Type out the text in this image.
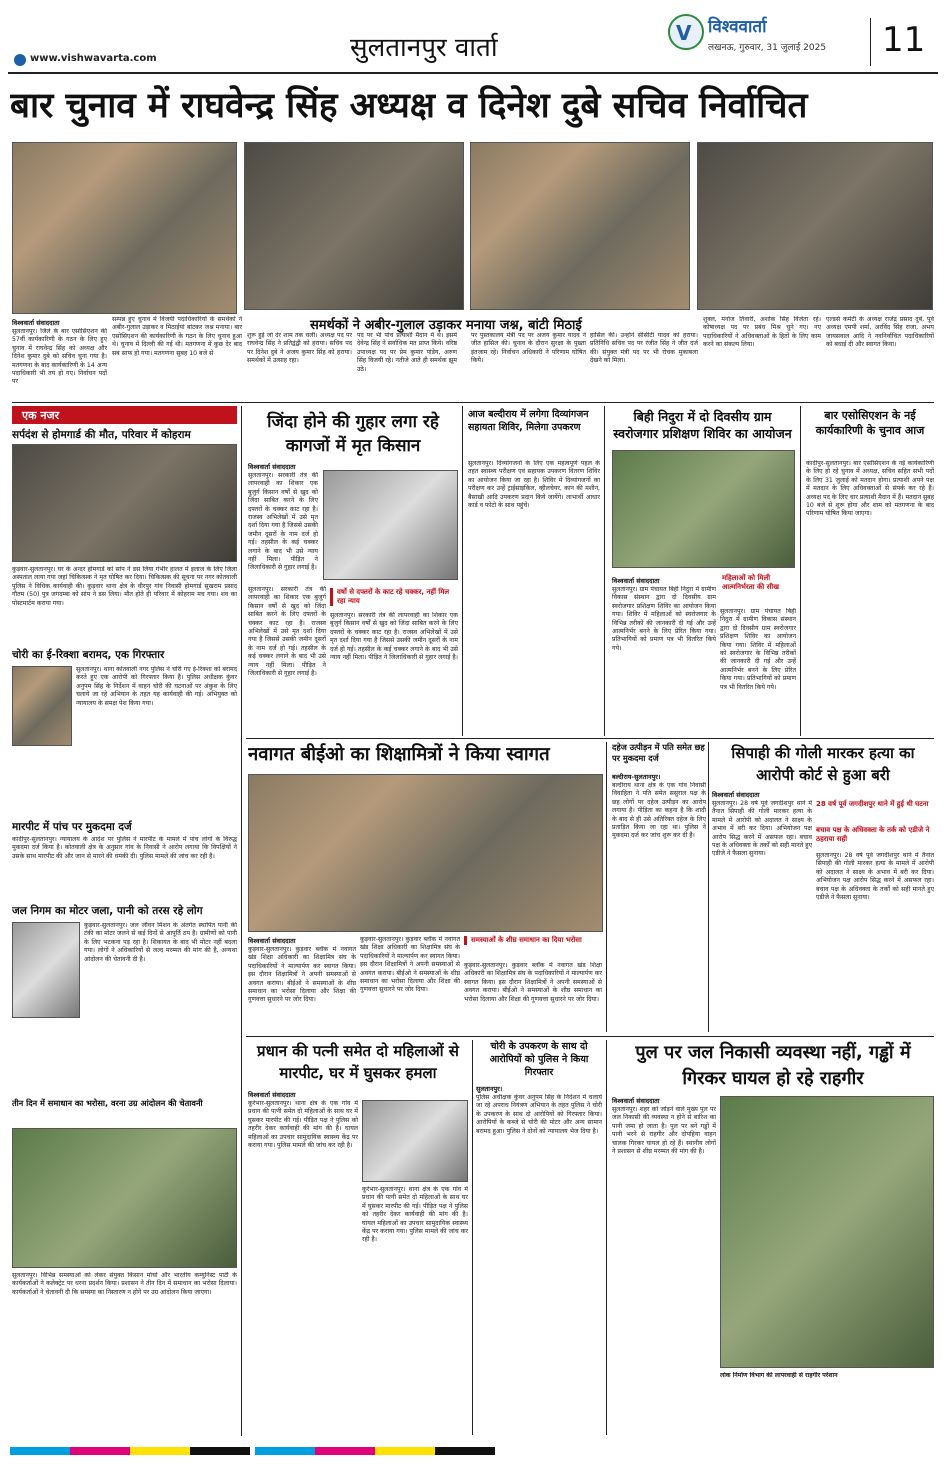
www.vishwavarta.com	सुलतानपुर वार्ता	V विश्ववार्ता
लखनऊ, गुरुवार, 31 जुलाई 2025 11
बार चुनाव में राघवेन्द्र सिंह अध्यक्ष व दिनेश दुबे सचिव निर्वाचित
समर्थकों ने अबीर-गुलाल उड़ाकर मनाया जश्न, बांटी मिठाई
विश्ववार्ता संवाददाता
सुलतानपुर। जिले के बार एसोसिएशन की 57वीं कार्यकारिणी के गठन के लिए हुए चुनाव में राघवेन्द्र सिंह को अध्यक्ष और दिनेश कुमार दुबे को सचिव चुना गया है। मतगणना के बाद कार्यकारिणी के 14 अन्य पदाधिकारी भी तय हो गए। निर्वाचन पदों पर
सम्पन्न हुए चुनाव में विजयी पदाधिकारियों के समर्थकों ने अबीर-गुलाल उड़ाकर व मिठाईयां बांटकर जश्न मनाया। बार एसोसिएशन की कार्यकारिणी के गठन के लिए चुनाव हुआ थे। चुनाव में दिल्ली की गई थी। मतगणना में कुछ देर बाद सब साफ हो गया। मतगणना सुबह 10 बजे से
शुरू हुई जो देर शाम तक चली। अध्यक्ष पद पर राघवेन्द्र सिंह ने प्रतिद्वंद्वी को हराया। सचिव पद पर दिनेश दुबे ने अजय कुमार सिंह को हराया। समर्थकों में उत्साह रहा।
पद पर भी पांच प्रत्याशी मैदान में थे। इसमें देवेन्द्र सिंह ने सर्वाधिक मत प्राप्त किये। वरिष्ठ उपाध्यक्ष पद पर प्रेम कुमार पांडेय, अरुण सिंह विजयी रहे। नतीजे आते ही समर्थक झूम उठे।
पर पुस्तकालय मंत्री पद पर अजय कुमार यादव ने जीत हासिल की। चुनाव के दौरान सुरक्षा के पुख्ता इंतजाम रहे। निर्वाचन अधिकारी ने परिणाम घोषित किये।
हासिल की। उन्होंने सीसीटी यादव को हराया। प्रतिनिधि सचिव पद पर रंजीत सिंह ने जीत दर्ज की। संयुक्त मंत्री पद पर भी रोचक मुकाबला देखने को मिला।
शुक्ल, मनोज तिवारी, अशोक सिंह विजेता रहे। कोषाध्यक्ष पद पर प्रबंध मिश्र चुने गए। नए पदाधिकारियों ने अधिवक्ताओं के हितों के लिए काम करने का संकल्प लिया।
एल्डर्स कमेटी के अध्यक्ष राजेंद्र प्रसाद दुबे, पूर्व अध्यक्ष एमपी शर्मा, अरविंद सिंह राजा, अभय जायसवाल आदि ने नवनिर्वाचित पदाधिकारियों को बधाई दी और स्वागत किया।
एक नजर
सर्पदंश से होमगार्ड की मौत, परिवार में कोहराम
कुड़वार-सुलतानपुर। घर के अन्दर होमगार्ड को सांप ने डस लिया गंभीर हालत में इलाज के लिए जिला अस्पताल लाया गया जहां चिकित्सक ने मृत घोषित कर दिया। चिकित्सक की सूचना पर नगर कोतवाली पुलिस ने विधिक कार्यवाही की। कुड़वार थाना क्षेत्र के वीरपुर गांव निवासी होमगार्ड सुखराम प्रसाद गौतम (50) पुत्र जगदम्बा को सांप ने डस लिया। मौत होते ही परिवार में कोहराम मच गया। शव का पोस्टमार्टम कराया गया।
चोरी का ई-रिक्शा बरामद, एक गिरफ्तार
सुलतानपुर। थाना कोतवाली नगर पुलिस ने चोरी गए ई-रिक्शा को बरामद करते हुए एक आरोपी को गिरफ्तार किया है। पुलिस अधीक्षक कुंवर अनुपम सिंह के निर्देशन में वाहन चोरी की घटनाओं पर अंकुश के लिए चलाये जा रहे अभियान के तहत यह कार्यवाही की गई। अभियुक्त को न्यायालय के समक्ष पेश किया गया।
मारपीट में पांच पर मुकदमा दर्ज
कादीपुर-सुलतानपुर। न्यायालय के आदेश पर पुलिस ने मारपीट के मामले में पांच लोगों के विरुद्ध मुकदमा दर्ज किया है। कोतवाली क्षेत्र के अनुसार गांव के निवासी ने आरोप लगाया कि विपक्षियों ने उसके साथ मारपीट की और जान से मारने की धमकी दी। पुलिस मामले की जांच कर रही है।
जल निगम का मोटर जला, पानी को तरस रहे लोग
कुड़वार-सुलतानपुर। जल जीवन मिशन के अंतर्गत स्थापित पानी की टंकी का मोटर जलने से कई दिनों से आपूर्ति ठप है। ग्रामीणों को पानी के लिए भटकना पड़ रहा है। शिकायत के बाद भी मोटर नहीं बदला गया। लोगों ने अधिकारियों से जल्द मरम्मत की मांग की है, अन्यथा आंदोलन की चेतावनी दी है।
तीन दिन में समाधान का भरोसा, वरना उग्र आंदोलन की चेतावनी
सुलतानपुर। विभिन्न समस्याओं को लेकर संयुक्त किसान मोर्चा और भारतीय कम्युनिस्ट पार्टी के कार्यकर्ताओं ने कलेक्ट्रेट पर धरना प्रदर्शन किया। प्रशासन ने तीन दिन में समाधान का भरोसा दिलाया। कार्यकर्ताओं ने चेतावनी दी कि समस्या का निस्तारण न होने पर उग्र आंदोलन किया जाएगा।
जिंदा होने की गुहार लगा रहे कागजों में मृत किसान
विश्ववार्ता संवाददाता
सुलतानपुर। सरकारी तंत्र की लापरवाही का शिकार एक बुजुर्ग किसान वर्षों से खुद को जिंदा साबित करने के लिए दफ्तरों के चक्कर काट रहा है। राजस्व अभिलेखों में उसे मृत दर्शा दिया गया है जिससे उसकी जमीन दूसरों के नाम दर्ज हो गई। तहसील के कई चक्कर लगाने के बाद भी उसे न्याय नहीं मिला। पीड़ित ने जिलाधिकारी से गुहार लगाई है।
वर्षो से दफ्तरों के काट रहे चक्कर, नहीं मिल रहा न्याय
सुलतानपुर। सरकारी तंत्र की लापरवाही का शिकार एक बुजुर्ग किसान वर्षों से खुद को जिंदा साबित करने के लिए दफ्तरों के चक्कर काट रहा है। राजस्व अभिलेखों में उसे मृत दर्शा दिया गया है जिससे उसकी जमीन दूसरों के नाम दर्ज हो गई। तहसील के कई चक्कर लगाने के बाद भी उसे न्याय नहीं मिला। पीड़ित ने जिलाधिकारी से गुहार लगाई है।
सुलतानपुर। सरकारी तंत्र की लापरवाही का शिकार एक बुजुर्ग किसान वर्षों से खुद को जिंदा साबित करने के लिए दफ्तरों के चक्कर काट रहा है। राजस्व अभिलेखों में उसे मृत दर्शा दिया गया है जिससे उसकी जमीन दूसरों के नाम दर्ज हो गई। तहसील के कई चक्कर लगाने के बाद भी उसे न्याय नहीं मिला। पीड़ित ने जिलाधिकारी से गुहार लगाई है।
आज बल्दीराय में लगेगा दिव्यांगजन सहायता शिविर, मिलेगा उपकरण
सुलतानपुर। दिव्यांगजनों के लिए एक महत्वपूर्ण पहल के तहत स्वास्थ्य परीक्षण एवं सहायक उपकरण वितरण शिविर का आयोजन किया जा रहा है। शिविर में दिव्यांगजनों का परीक्षण कर उन्हें ट्राईसाइकिल, व्हीलचेयर, कान की मशीन, बैसाखी आदि उपकरण प्रदान किये जायेंगे। लाभार्थी आधार कार्ड व फोटो के साथ पहुंचें।
बिही निदुरा में दो दिवसीय ग्राम स्वरोजगार प्रशिक्षण शिविर का आयोजन
विश्ववार्ता संवाददाता	महिलाओं को मिली आत्मनिर्भरता की सीख
सुलतानपुर। ग्राम पंचायत बिही निदुरा में ग्रामीण विकास संस्थान द्वारा दो दिवसीय ग्राम स्वरोजगार प्रशिक्षण शिविर का आयोजन किया गया। शिविर में महिलाओं को स्वरोजगार के विभिन्न तरीकों की जानकारी दी गई और उन्हें आत्मनिर्भर बनने के लिए प्रेरित किया गया। प्रतिभागियों को प्रमाण पत्र भी वितरित किये गये।
सुलतानपुर। ग्राम पंचायत बिही निदुरा में ग्रामीण विकास संस्थान द्वारा दो दिवसीय ग्राम स्वरोजगार प्रशिक्षण शिविर का आयोजन किया गया। शिविर में महिलाओं को स्वरोजगार के विभिन्न तरीकों की जानकारी दी गई और उन्हें आत्मनिर्भर बनने के लिए प्रेरित किया गया। प्रतिभागियों को प्रमाण पत्र भी वितरित किये गये।
बार एसोसिएशन के नई कार्यकारिणी के चुनाव आज
कादीपुर-सुलतानपुर। बार एसोसिएशन के नई कार्यकारिणी के लिए हो रहे चुनाव में अध्यक्ष, सचिव सहित सभी पदों के लिए 31 जुलाई को मतदान होगा। प्रत्याशी अपने पक्ष में मतदान के लिए अधिवक्ताओं से संपर्क कर रहे हैं। अध्यक्ष पद के लिए चार प्रत्याशी मैदान में हैं। मतदान सुबह 10 बजे से शुरू होगा और शाम को मतगणना के बाद परिणाम घोषित किया जाएगा।
नवागत बीईओ का शिक्षामित्रों ने किया स्वागत
विश्ववार्ता संवाददाता
कुड़वार-सुलतानपुर। कुड़वार ब्लॉक में नवागत खंड शिक्षा अधिकारी का शिक्षामित्र संघ के पदाधिकारियों ने माल्यार्पण कर स्वागत किया। इस दौरान शिक्षामित्रों ने अपनी समस्याओं से अवगत कराया। बीईओ ने समस्याओं के शीघ्र समाधान का भरोसा दिलाया और शिक्षा की गुणवत्ता सुधारने पर जोर दिया।
कुड़वार-सुलतानपुर। कुड़वार ब्लॉक में नवागत खंड शिक्षा अधिकारी का शिक्षामित्र संघ के पदाधिकारियों ने माल्यार्पण कर स्वागत किया। इस दौरान शिक्षामित्रों ने अपनी समस्याओं से अवगत कराया। बीईओ ने समस्याओं के शीघ्र समाधान का भरोसा दिलाया और शिक्षा की गुणवत्ता सुधारने पर जोर दिया।
समस्याओं के शीघ्र समाधान का दिया भरोसा
कुड़वार-सुलतानपुर। कुड़वार ब्लॉक में नवागत खंड शिक्षा अधिकारी का शिक्षामित्र संघ के पदाधिकारियों ने माल्यार्पण कर स्वागत किया। इस दौरान शिक्षामित्रों ने अपनी समस्याओं से अवगत कराया। बीईओ ने समस्याओं के शीघ्र समाधान का भरोसा दिलाया और शिक्षा की गुणवत्ता सुधारने पर जोर दिया।
दहेज उत्पीड़न में पति समेत छह पर मुकदमा दर्ज
बल्दीराय-सुलतानपुर।
बल्दीराय थाना क्षेत्र के एक गांव निवासी विवाहिता ने पति समेत ससुराल पक्ष के छह लोगों पर दहेज उत्पीड़न का आरोप लगाया है। पीड़िता का कहना है कि शादी के बाद से ही उसे अतिरिक्त दहेज के लिए प्रताड़ित किया जा रहा था। पुलिस ने मुकदमा दर्ज कर जांच शुरू कर दी है।
सिपाही की गोली मारकर हत्या का आरोपी कोर्ट से हुआ बरी
विश्ववार्ता संवाददाता
सुलतानपुर। 28 वर्ष पूर्व जगदीशपुर थाने में तैनात सिपाही की गोली मारकर हत्या के मामले में आरोपी को अदालत ने साक्ष्य के अभाव में बरी कर दिया। अभियोजन पक्ष आरोप सिद्ध करने में असफल रहा। बचाव पक्ष के अधिवक्ता के तर्कों को सही मानते हुए एडीजे ने फैसला सुनाया।
28 वर्ष पूर्व जगदीशपुर थाने में हुई थी घटना
बचाव पक्ष के अधिवक्ता के तर्क को एडीजे ने ठहराया सही
सुलतानपुर। 28 वर्ष पूर्व जगदीशपुर थाने में तैनात सिपाही की गोली मारकर हत्या के मामले में आरोपी को अदालत ने साक्ष्य के अभाव में बरी कर दिया। अभियोजन पक्ष आरोप सिद्ध करने में असफल रहा। बचाव पक्ष के अधिवक्ता के तर्कों को सही मानते हुए एडीजे ने फैसला सुनाया।
प्रधान की पत्नी समेत दो महिलाओं से मारपीट, घर में घुसकर हमला
विश्ववार्ता संवाददाता
कूरेभार-सुलतानपुर। थाना क्षेत्र के एक गांव में प्रधान की पत्नी समेत दो महिलाओं के साथ घर में घुसकर मारपीट की गई। पीड़ित पक्ष ने पुलिस को तहरीर देकर कार्यवाही की मांग की है। घायल महिलाओं का उपचार सामुदायिक स्वास्थ्य केंद्र पर कराया गया। पुलिस मामले की जांच कर रही है।
कूरेभार-सुलतानपुर। थाना क्षेत्र के एक गांव में प्रधान की पत्नी समेत दो महिलाओं के साथ घर में घुसकर मारपीट की गई। पीड़ित पक्ष ने पुलिस को तहरीर देकर कार्यवाही की मांग की है। घायल महिलाओं का उपचार सामुदायिक स्वास्थ्य केंद्र पर कराया गया। पुलिस मामले की जांच कर रही है।
चोरी के उपकरण के साथ दो आरोपियों को पुलिस ने किया गिरफ्तार
सुलतानपुर।
पुलिस अधीक्षक कुंवर अनुपम सिंह के निर्देशन में चलाये जा रहे अपराध नियंत्रण अभियान के तहत पुलिस ने चोरी के उपकरण के साथ दो आरोपियों को गिरफ्तार किया। आरोपियों के कब्जे से चोरी की मोटर और अन्य सामान बरामद हुआ। पुलिस ने दोनों को न्यायालय भेज दिया है।
पुल पर जल निकासी व्यवस्था नहीं, गड्ढों में गिरकर घायल हो रहे राहगीर
विश्ववार्ता संवाददाता
सुलतानपुर। शहर को जोड़ने वाले मुख्य पुल पर जल निकासी की व्यवस्था न होने से बारिश का पानी जमा हो जाता है। पुल पर बने गड्ढों में पानी भरने से राहगीर और दोपहिया वाहन चालक गिरकर घायल हो रहे हैं। स्थानीय लोगों ने प्रशासन से शीघ्र मरम्मत की मांग की है।
लोक निर्माण विभाग की लापरवाही से राहगीर परेशान
